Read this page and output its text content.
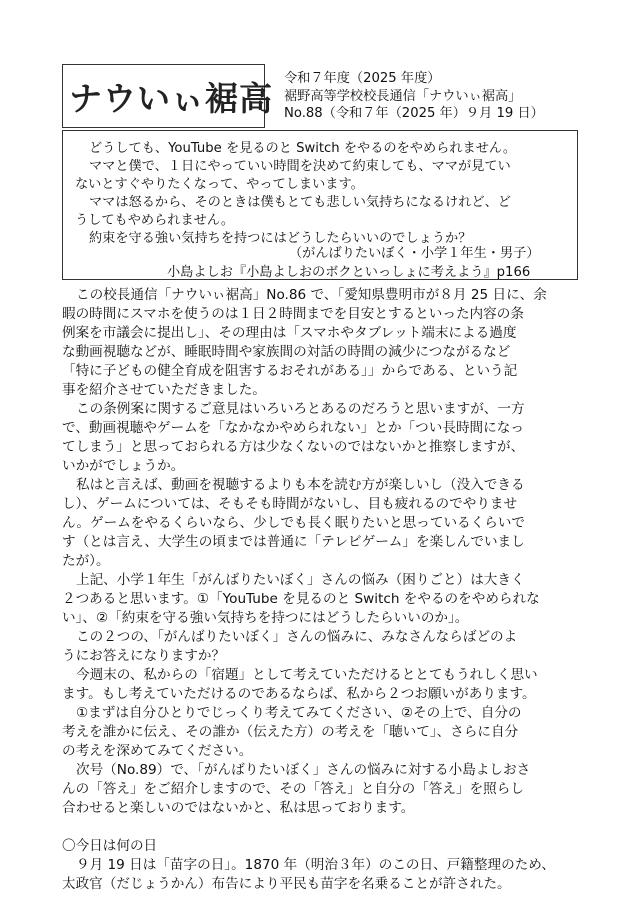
ナウいぃ裾高
令和７年度（2025 年度）
裾野高等学校校長通信「ナウいぃ裾高」
No.88（令和７年（2025 年）９月 19 日）
どうしても、YouTube を見るのと Switch をやるのをやめられません。
ママと僕で、１日にやっていい時間を決めて約束しても、ママが見てい
ないとすぐやりたくなって、やってしまいます。
ママは怒るから、そのときは僕もとても悲しい気持ちになるけれど、ど
うしてもやめられません。
約束を守る強い気持ちを持つにはどうしたらいいのでしょうか？
（がんばりたいぼく・小学１年生・男子）
小島よしお『小島よしおのボクといっしょに考えよう』p166
この校長通信「ナウいぃ裾高」No.86 で、「愛知県豊明市が８月 25 日に、余
暇の時間にスマホを使うのは１日２時間までを目安とするといった内容の条
例案を市議会に提出し」、その理由は「スマホやタブレット端末による過度
な動画視聴などが、睡眠時間や家族間の対話の時間の減少につながるなど
「特に子どもの健全育成を阻害するおそれがある」」からである、という記
事を紹介させていただきました。
この条例案に関するご意見はいろいろとあるのだろうと思いますが、一方
で、動画視聴やゲームを「なかなかやめられない」とか「つい長時間になっ
てしまう」と思っておられる方は少なくないのではないかと推察しますが、
いかがでしょうか。
私はと言えば、動画を視聴するよりも本を読む方が楽しいし（没入できる
し）、ゲームについては、そもそも時間がないし、目も疲れるのでやりませ
ん。ゲームをやるくらいなら、少しでも長く眠りたいと思っているくらいで
す（とは言え、大学生の頃までは普通に「テレビゲーム」を楽しんでいまし
たが）。
上記、小学１年生「がんばりたいぼく」さんの悩み（困りごと）は大きく
２つあると思います。①「YouTube を見るのと Switch をやるのをやめられな
い」、②「約束を守る強い気持ちを持つにはどうしたらいいのか」。
この２つの、「がんばりたいぼく」さんの悩みに、みなさんならばどのよ
うにお答えになりますか？
今週末の、私からの「宿題」として考えていただけるととてもうれしく思い
ます。もし考えていただけるのであるならば、私から２つお願いがあります。
①まずは自分ひとりでじっくり考えてみてください、②その上で、自分の
考えを誰かに伝え、その誰か（伝えた方）の考えを「聴いて」、さらに自分
の考えを深めてみてください。
次号（No.89）で、「がんばりたいぼく」さんの悩みに対する小島よしおさ
んの「答え」をご紹介しますので、その「答え」と自分の「答え」を照らし
合わせると楽しいのではないかと、私は思っております。
〇今日は何の日
９月 19 日は「苗字の日」。1870 年（明治３年）のこの日、戸籍整理のため、
太政官（だじょうかん）布告により平民も苗字を名乗ることが許された。
